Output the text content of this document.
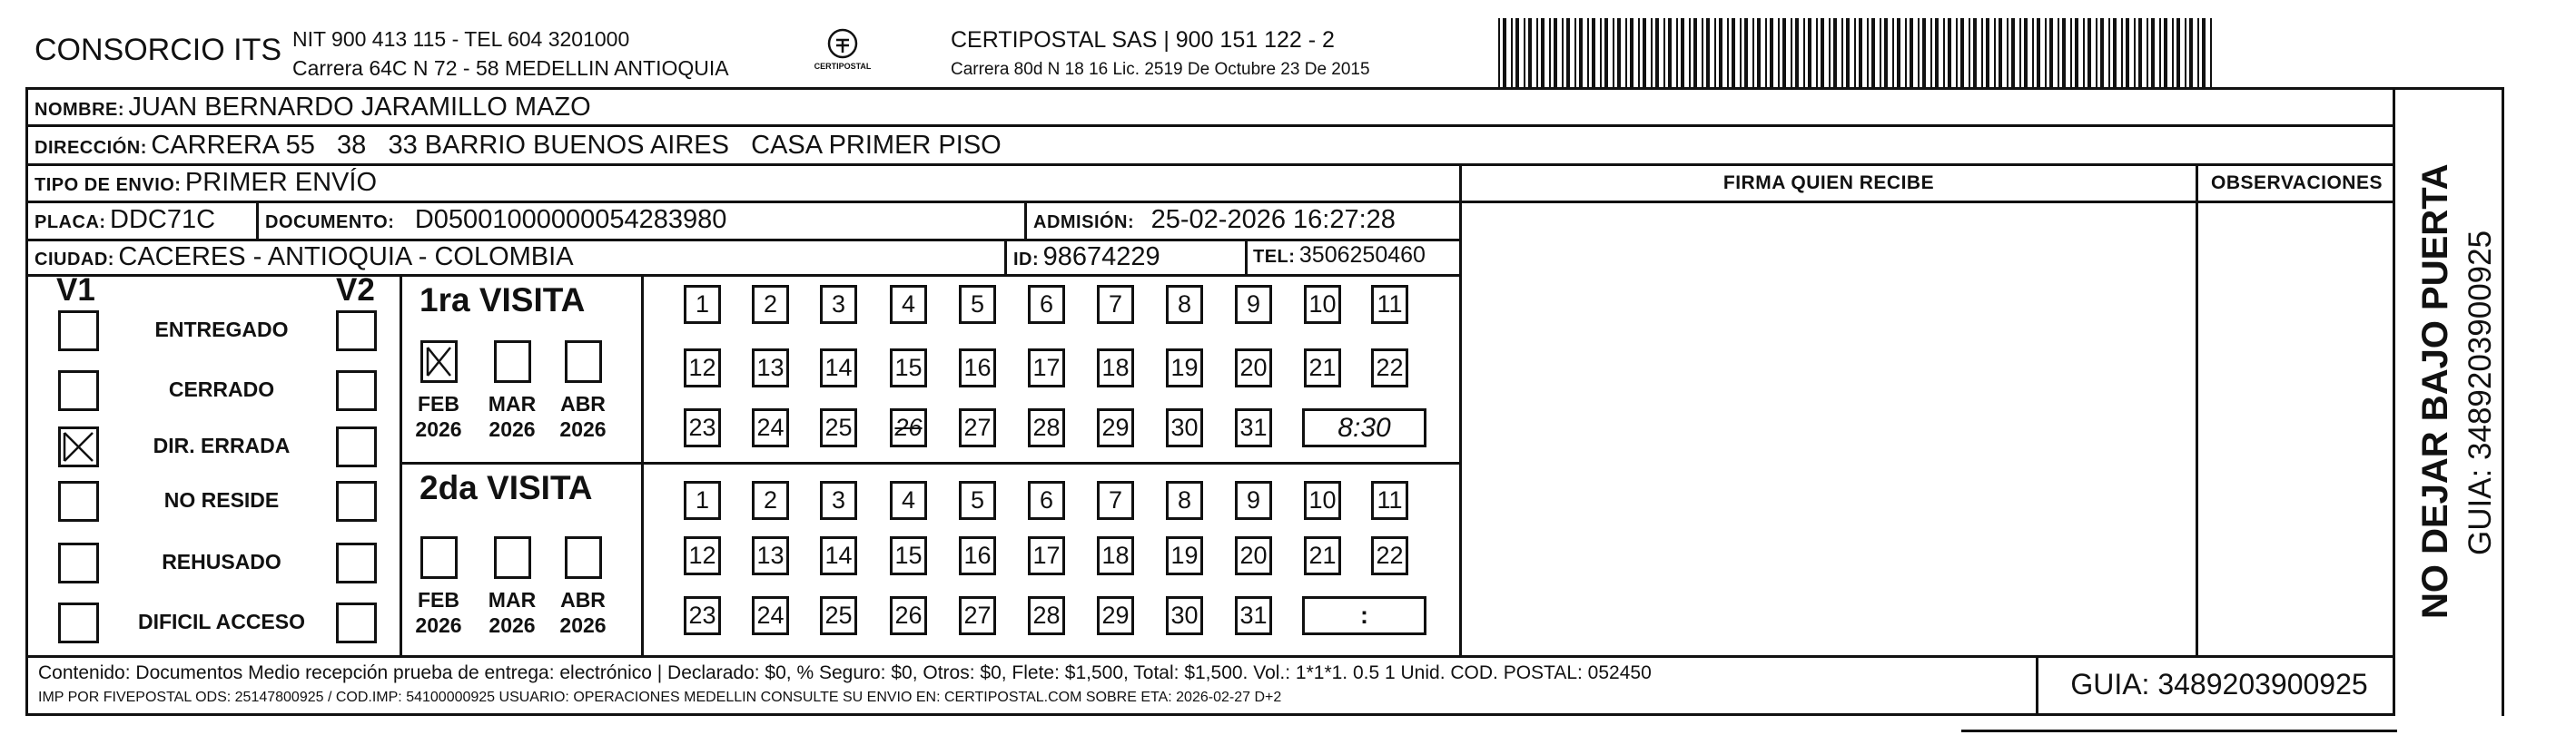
CONSORCIO ITS NIT 900 413 115 - TEL 604 3201000
Carrera 64C N 72 - 58 MEDELLIN ANTIOQUIA	CERTIPOSTAL
CERTIPOSTAL SAS | 900 151 122 - 2
Carrera 80d N 18 16 Lic. 2519 De Octubre 23 De 2015
NOMBRE: JUAN BERNARDO JARAMILLO MAZO
DIRECCIÓN: CARRERA 55   38   33 BARRIO BUENOS AIRES   CASA PRIMER PISO
TIPO DE ENVIO: PRIMER ENVÍO
PLACA: DDC71C	DOCUMENTO: D05001000000054283980	ADMISIÓN: 25-02-2026 16:27:28
CIUDAD: CACERES - ANTIOQUIA - COLOMBIA	ID: 98674229	TEL: 3506250460
FIRMA QUIEN RECIBE	OBSERVACIONES
V1	V2
ENTREGADO
CERRADO
DIR. ERRADA
NO RESIDE
REHUSADO
DIFICIL ACCESO
1ra VISITA
2da VISITA
FEB
2026
MAR
2026
ABR
2026
FEB
2026
MAR
2026
ABR
2026
1	2	3	4	5	6	7	8	9	10 11
12 13 14 15 16 17 18 19 20 21 22
23 24 25 26 27 28 29 30 31
1	2	3	4	5	6	7	8	9	10 11
12 13 14 15 16 17 18 19 20 21 22
23 24 25 26 27 28 29 30 31
8:30
:
Contenido: Documentos Medio recepción prueba de entrega: electrónico | Declarado: $0, % Seguro: $0, Otros: $0, Flete: $1,500, Total: $1,500. Vol.: 1*1*1. 0.5 1 Unid. COD. POSTAL: 052450
IMP POR FIVEPOSTAL ODS: 25147800925 / COD.IMP: 54100000925 USUARIO: OPERACIONES MEDELLIN CONSULTE SU ENVIO EN: CERTIPOSTAL.COM SOBRE ETA: 2026-02-27 D+2	GUIA: 3489203900925
NO DEJAR BAJO PUERTA GUIA: 3489203900925
